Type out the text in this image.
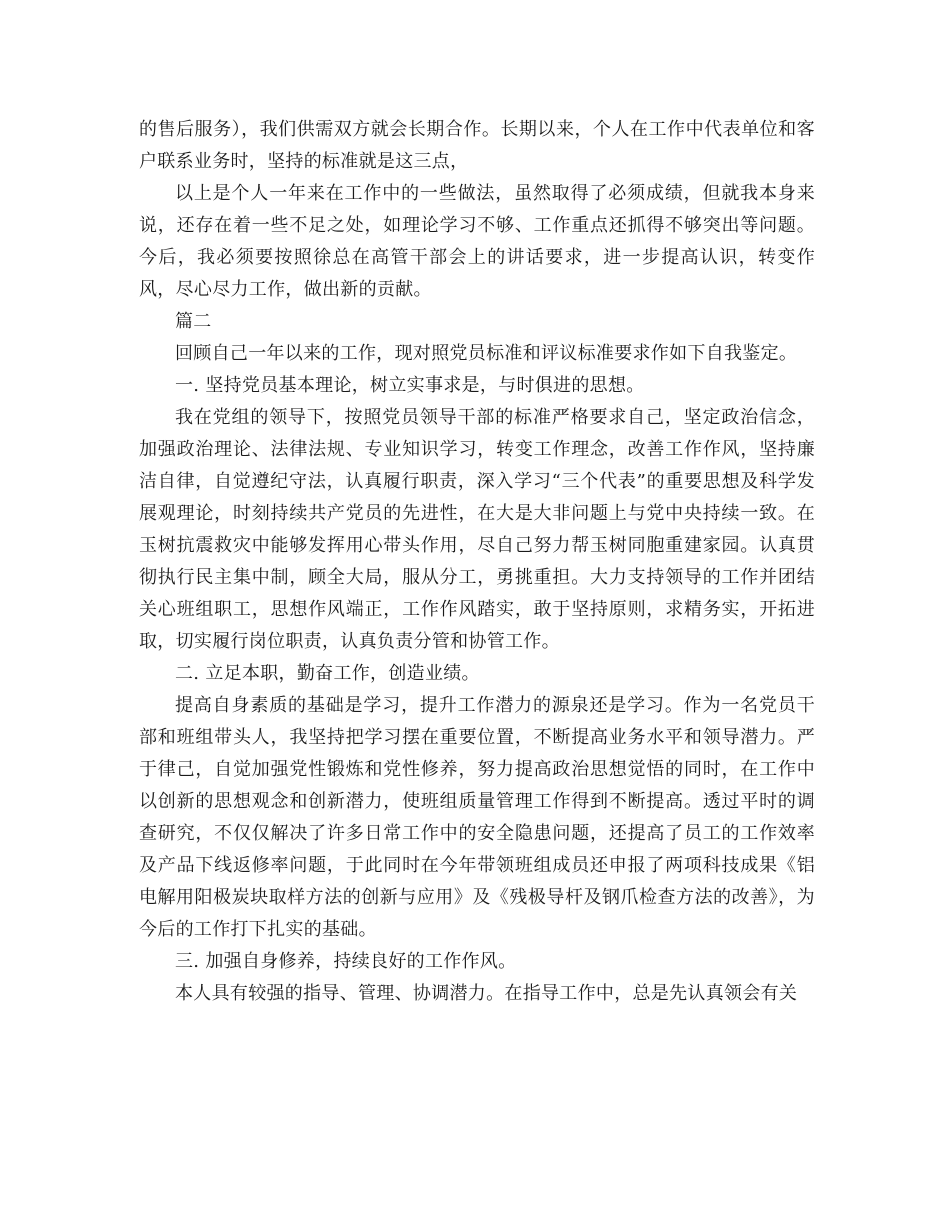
的售后服务），我们供需双方就会长期合作。长期以来，个人在工作中代表单位和客户联系业务时，坚持的标准就是这三点，

以上是个人一年来在工作中的一些做法，虽然取得了必须成绩，但就我本身来说，还存在着一些不足之处，如理论学习不够、工作重点还抓得不够突出等问题。今后，我必须要按照徐总在高管干部会上的讲话要求，进一步提高认识，转变作风，尽心尽力工作，做出新的贡献。

篇二

回顾自己一年以来的工作，现对照党员标准和评议标准要求作如下自我鉴定。

一. 坚持党员基本理论，树立实事求是，与时俱进的思想。

我在党组的领导下，按照党员领导干部的标准严格要求自己，坚定政治信念，加强政治理论、法律法规、专业知识学习，转变工作理念，改善工作作风，坚持廉洁自律，自觉遵纪守法，认真履行职责，深入学习“三个代表”的重要思想及科学发展观理论，时刻持续共产党员的先进性，在大是大非问题上与党中央持续一致。在玉树抗震救灾中能够发挥用心带头作用，尽自己努力帮玉树同胞重建家园。认真贯彻执行民主集中制，顾全大局，服从分工，勇挑重担。大力支持领导的工作并团结关心班组职工，思想作风端正，工作作风踏实，敢于坚持原则，求精务实，开拓进取，切实履行岗位职责，认真负责分管和协管工作。

二. 立足本职，勤奋工作，创造业绩。

提高自身素质的基础是学习，提升工作潜力的源泉还是学习。作为一名党员干部和班组带头人，我坚持把学习摆在重要位置，不断提高业务水平和领导潜力。严于律己，自觉加强党性锻炼和党性修养，努力提高政治思想觉悟的同时，在工作中以创新的思想观念和创新潜力，使班组质量管理工作得到不断提高。透过平时的调查研究，不仅仅解决了许多日常工作中的安全隐患问题，还提高了员工的工作效率及产品下线返修率问题，于此同时在今年带领班组成员还申报了两项科技成果《铝电解用阳极炭块取样方法的创新与应用》及《残极导杆及钢爪检查方法的改善》，为今后的工作打下扎实的基础。

三. 加强自身修养，持续良好的工作作风。

本人具有较强的指导、管理、协调潜力。在指导工作中，总是先认真领会有关
